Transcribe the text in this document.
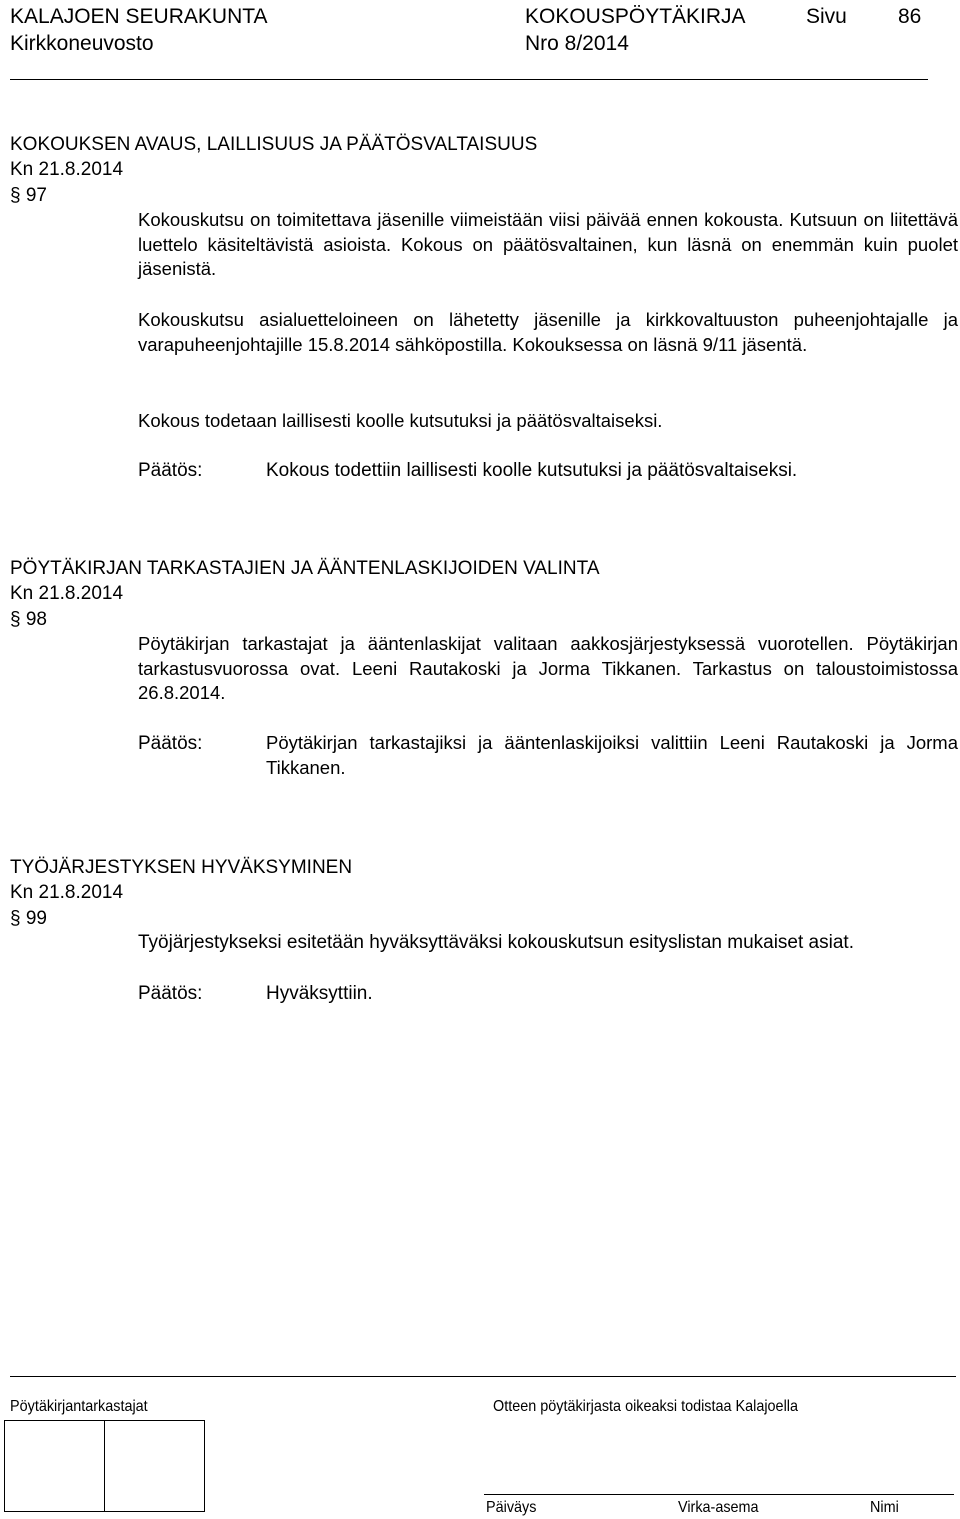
KALAJOEN SEURAKUNTA	KOKOUSPÖYTÄKIRJA	Sivu 86
Kirkkoneuvosto	Nro 8/2014
KOKOUKSEN AVAUS, LAILLISUUS JA PÄÄTÖSVALTAISUUS
Kn 21.8.2014
§ 97
Kokouskutsu on toimitettava jäsenille viimeistään viisi päivää ennen kokousta. Kutsuun on liitettävä luettelo käsiteltävistä asioista. Kokous on päätösvaltainen, kun läsnä on enemmän kuin puolet jäsenistä.
Kokouskutsu asialuetteloineen on lähetetty jäsenille ja kirkkovaltuuston puheenjohtajalle ja varapuheenjohtajille 15.8.2014 sähköpostilla. Kokouksessa on läsnä 9/11 jäsentä.
Kokous todetaan laillisesti koolle kutsutuksi ja päätösvaltaiseksi.
Päätös:	Kokous todettiin laillisesti koolle kutsutuksi ja päätösvaltaiseksi.
PÖYTÄKIRJAN TARKASTAJIEN JA ÄÄNTENLASKIJOIDEN VALINTA
Kn 21.8.2014
§ 98
Pöytäkirjan tarkastajat ja ääntenlaskijat valitaan aakkosjärjestyksessä vuorotellen. Pöytäkirjan tarkastusvuorossa ovat. Leeni Rautakoski ja Jorma Tikkanen. Tarkastus on taloustoimistossa 26.8.2014.
Päätös:	Pöytäkirjan tarkastajiksi ja ääntenlaskijoiksi valittiin Leeni Rautakoski ja Jorma Tikkanen.
TYÖJÄRJESTYKSEN HYVÄKSYMINEN
Kn 21.8.2014
§ 99
Työjärjestykseksi esitetään hyväksyttäväksi kokouskutsun esityslistan mukaiset asiat.
Päätös:	Hyväksyttiin.
Pöytäkirjantarkastajat	Otteen pöytäkirjasta oikeaksi todistaa Kalajoella
Päiväys	Virka-asema	Nimi
